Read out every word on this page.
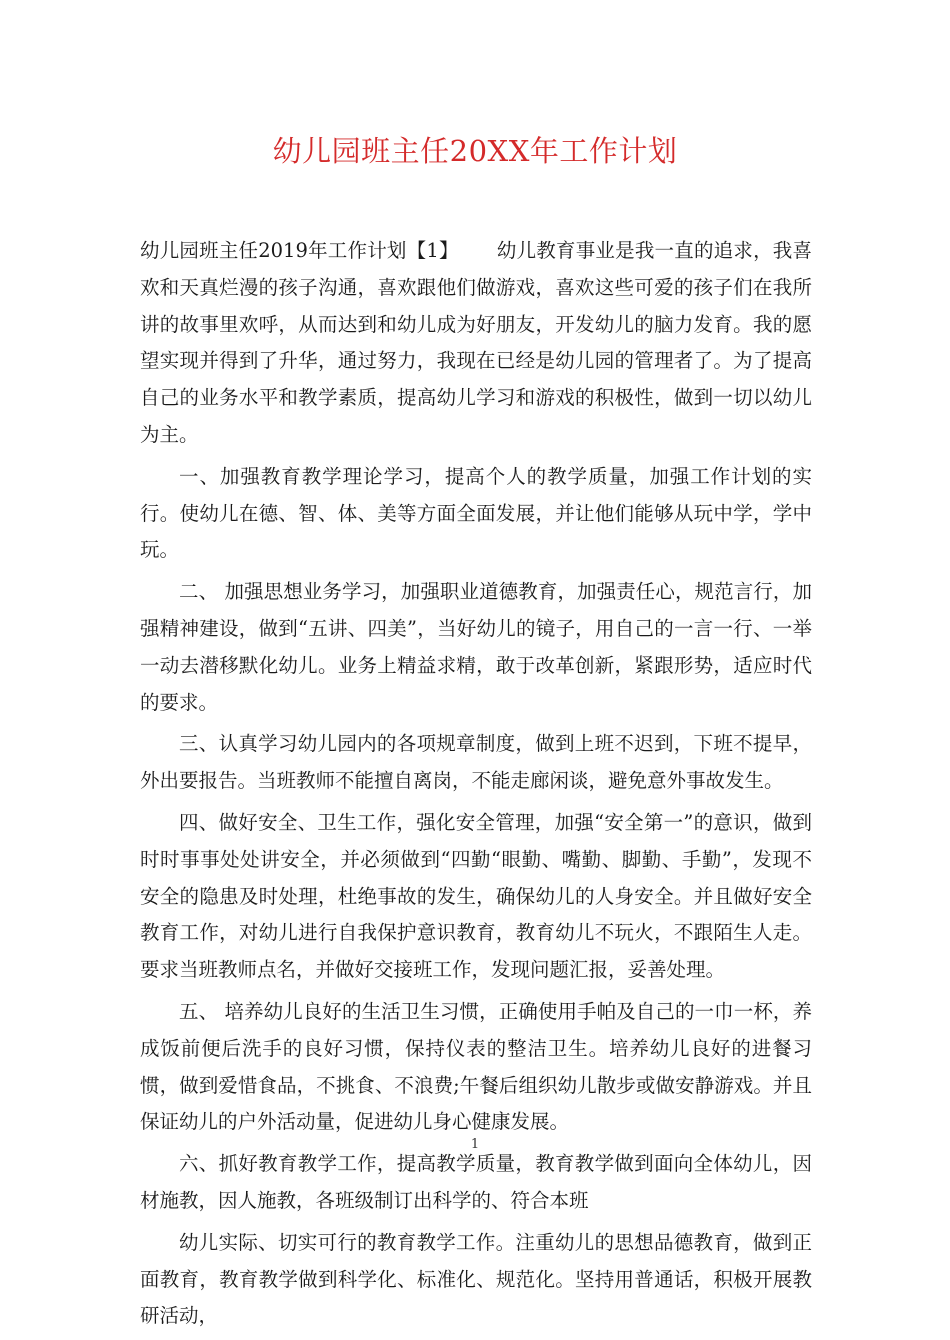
幼儿园班主任20XX年工作计划

幼儿园班主任2019年工作计划【1】 幼儿教育事业是我一直的追求，我喜欢和天真烂漫的孩子沟通，喜欢跟他们做游戏，喜欢这些可爱的孩子们在我所讲的故事里欢呼，从而达到和幼儿成为好朋友，开发幼儿的脑力发育。我的愿望实现并得到了升华，通过努力，我现在已经是幼儿园的管理者了。为了提高自己的业务水平和教学素质，提高幼儿学习和游戏的积极性，做到一切以幼儿为主。

一、加强教育教学理论学习，提高个人的教学质量，加强工作计划的实行。使幼儿在德、智、体、美等方面全面发展，并让他们能够从玩中学，学中玩。

二、 加强思想业务学习，加强职业道德教育，加强责任心，规范言行，加强精神建设，做到“五讲、四美”，当好幼儿的镜子，用自己的一言一行、一举一动去潜移默化幼儿。业务上精益求精，敢于改革创新，紧跟形势，适应时代的要求。

三、认真学习幼儿园内的各项规章制度，做到上班不迟到，下班不提早，外出要报告。当班教师不能擅自离岗，不能走廊闲谈，避免意外事故发生。

四、做好安全、卫生工作，强化安全管理，加强“安全第一”的意识，做到时时事事处处讲安全，并必须做到“四勤“眼勤、嘴勤、脚勤、手勤”，发现不安全的隐患及时处理，杜绝事故的发生，确保幼儿的人身安全。并且做好安全教育工作，对幼儿进行自我保护意识教育，教育幼儿不玩火，不跟陌生人走。要求当班教师点名，并做好交接班工作，发现问题汇报，妥善处理。

五、 培养幼儿良好的生活卫生习惯，正确使用手帕及自己的一巾一杯，养成饭前便后洗手的良好习惯，保持仪表的整洁卫生。培养幼儿良好的进餐习惯，做到爱惜食品，不挑食、不浪费;午餐后组织幼儿散步或做安静游戏。并且保证幼儿的户外活动量，促进幼儿身心健康发展。

六、抓好教育教学工作，提高教学质量，教育教学做到面向全体幼儿，因材施教，因人施教，各班级制订出科学的、符合本班

幼儿实际、切实可行的教育教学工作。注重幼儿的思想品德教育，做到正面教育，教育教学做到科学化、标准化、规范化。坚持用普通话，积极开展教研活动，

1
